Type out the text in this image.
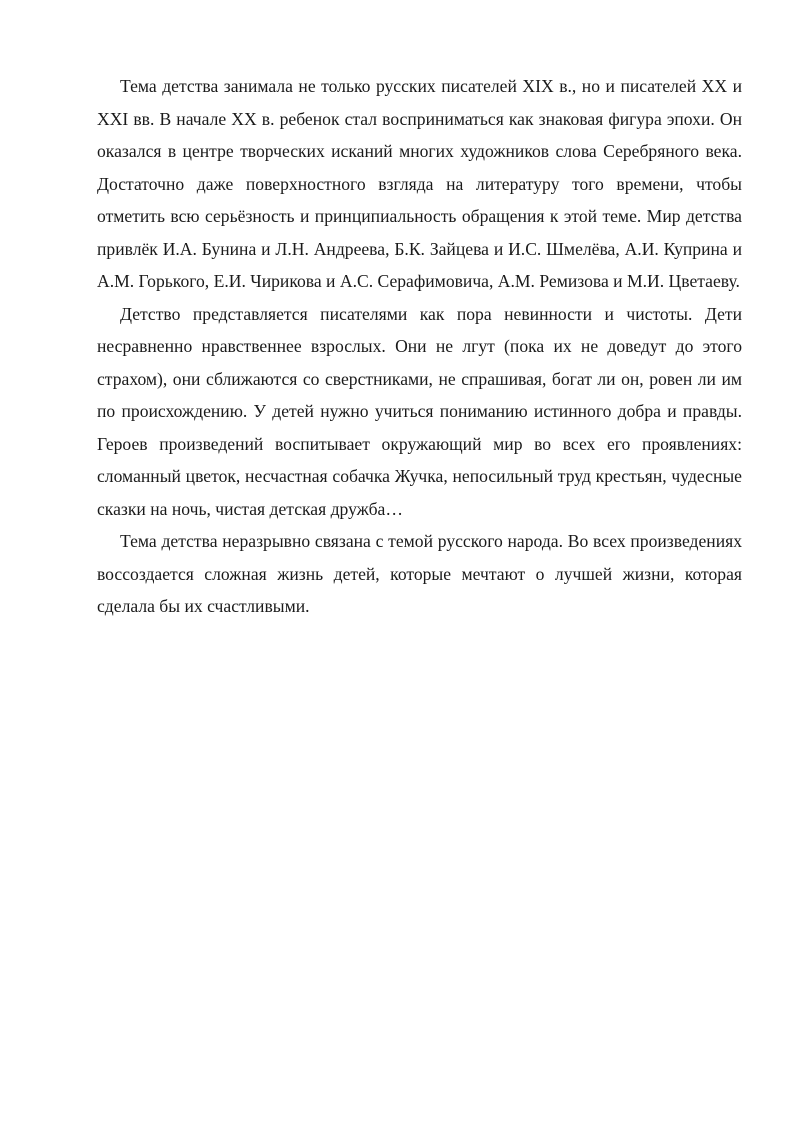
Тема детства занимала не только русских писателей XIX в., но и писателей XX и XXI вв. В начале XX в. ребенок стал восприниматься как знаковая фигура эпохи. Он оказался в центре творческих исканий многих художников слова Серебряного века. Достаточно даже поверхностного взгляда на литературу того времени, чтобы отметить всю серьёзность и принципиальность обращения к этой теме. Мир детства привлёк И.А. Бунина и Л.Н. Андреева, Б.К. Зайцева и И.С. Шмелёва, А.И. Куприна и А.М. Горького, Е.И. Чирикова и А.С. Серафимовича, А.М. Ремизова и М.И. Цветаеву.

Детство представляется писателями как пора невинности и чистоты. Дети несравненно нравственнее взрослых. Они не лгут (пока их не доведут до этого страхом), они сближаются со сверстниками, не спрашивая, богат ли он, ровен ли им по происхождению. У детей нужно учиться пониманию истинного добра и правды. Героев произведений воспитывает окружающий мир во всех его проявлениях: сломанный цветок, несчастная собачка Жучка, непосильный труд крестьян, чудесные сказки на ночь, чистая детская дружба…

Тема детства неразрывно связана с темой русского народа. Во всех произведениях воссоздается сложная жизнь детей, которые мечтают о лучшей жизни, которая сделала бы их счастливыми.
